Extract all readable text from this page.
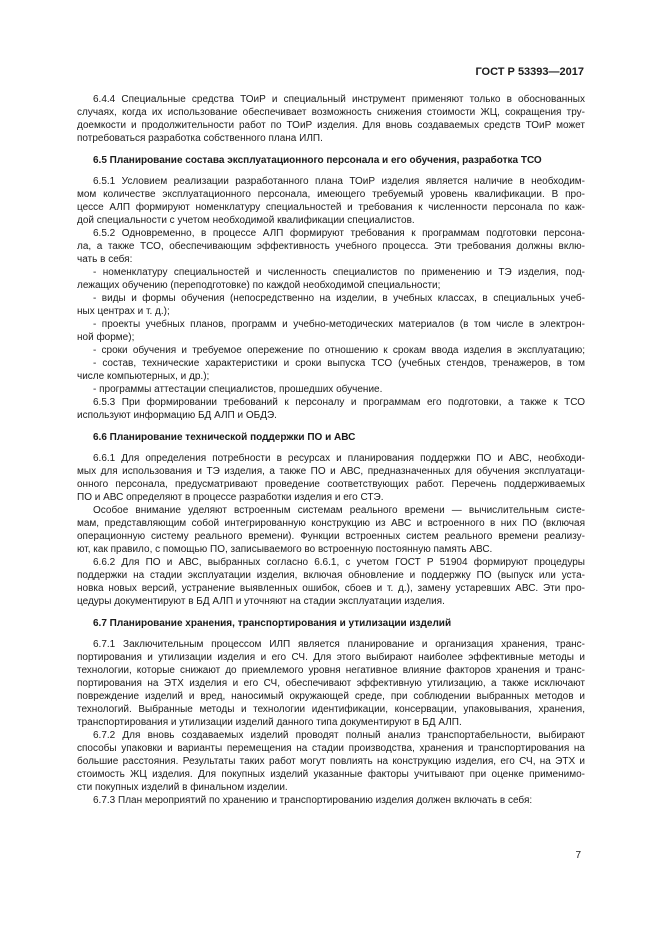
ГОСТ Р 53393—2017
6.4.4 Специальные средства ТОиР и специальный инструмент применяют только в обоснованных
случаях, когда их использование обеспечивает возможность снижения стоимости ЖЦ, сокращения тру-
доемкости и продолжительности работ по ТОиР изделия. Для вновь создаваемых средств ТОиР может
потребоваться разработка собственного плана ИЛП.
6.5 Планирование состава эксплуатационного персонала и его обучения, разработка ТСО
6.5.1 Условием реализации разработанного плана ТОиР изделия является наличие в необходим-
мом количестве эксплуатационного персонала, имеющего требуемый уровень квалификации. В про-
цессе АЛП формируют номенклатуру специальностей и требования к численности персонала по каж-
дой специальности с учетом необходимой квалификации специалистов.
6.5.2 Одновременно, в процессе АЛП формируют требования к программам подготовки персона-
ла, а также ТСО, обеспечивающим эффективность учебного процесса. Эти требования должны вклю-
чать в себя:
- номенклатуру специальностей и численность специалистов по применению и ТЭ изделия, под-
лежащих обучению (переподготовке) по каждой необходимой специальности;
- виды и формы обучения (непосредственно на изделии, в учебных классах, в специальных учеб-
ных центрах и т. д.);
- проекты учебных планов, программ и учебно-методических материалов (в том числе в электрон-
ной форме);
- сроки обучения и требуемое опережение по отношению к срокам ввода изделия в эксплуатацию;
- состав, технические характеристики и сроки выпуска ТСО (учебных стендов, тренажеров, в том
числе компьютерных, и др.);
- программы аттестации специалистов, прошедших обучение.
6.5.3 При формировании требований к персоналу и программам его подготовки, а также к ТСО
используют информацию БД АЛП и ОБДЭ.
6.6 Планирование технической поддержки ПО и АВС
6.6.1 Для определения потребности в ресурсах и планирования поддержки ПО и АВС, необходи-
мых для использования и ТЭ изделия, а также ПО и АВС, предназначенных для обучения эксплуатаци-
онного персонала, предусматривают проведение соответствующих работ. Перечень поддерживаемых
ПО и АВС определяют в процессе разработки изделия и его СТЭ.
Особое внимание уделяют встроенным системам реального времени — вычислительным систе-
мам, представляющим собой интегрированную конструкцию из АВС и встроенного в них ПО (включая
операционную систему реального времени). Функции встроенных систем реального времени реализу-
ют, как правило, с помощью ПО, записываемого во встроенную постоянную память АВС.
6.6.2 Для ПО и АВС, выбранных согласно 6.6.1, с учетом ГОСТ Р 51904 формируют процедуры
поддержки на стадии эксплуатации изделия, включая обновление и поддержку ПО (выпуск или уста-
новка новых версий, устранение выявленных ошибок, сбоев и т. д.), замену устаревших АВС. Эти про-
цедуры документируют в БД АЛП и уточняют на стадии эксплуатации изделия.
6.7 Планирование хранения, транспортирования и утилизации изделий
6.7.1 Заключительным процессом ИЛП является планирование и организация хранения, транс-
портирования и утилизации изделия и его СЧ. Для этого выбирают наиболее эффективные методы и
технологии, которые снижают до приемлемого уровня негативное влияние факторов хранения и транс-
портирования на ЭТХ изделия и его СЧ, обеспечивают эффективную утилизацию, а также исключают
повреждение изделий и вред, наносимый окружающей среде, при соблюдении выбранных методов и
технологий. Выбранные методы и технологии идентификации, консервации, упаковывания, хранения,
транспортирования и утилизации изделий данного типа документируют в БД АЛП.
6.7.2 Для вновь создаваемых изделий проводят полный анализ транспортабельности, выбирают
способы упаковки и варианты перемещения на стадии производства, хранения и транспортирования на
большие расстояния. Результаты таких работ могут повлиять на конструкцию изделия, его СЧ, на ЭТХ и
стоимость ЖЦ изделия. Для покупных изделий указанные факторы учитывают при оценке применимо-
сти покупных изделий в финальном изделии.
6.7.3 План мероприятий по хранению и транспортированию изделия должен включать в себя:
7
